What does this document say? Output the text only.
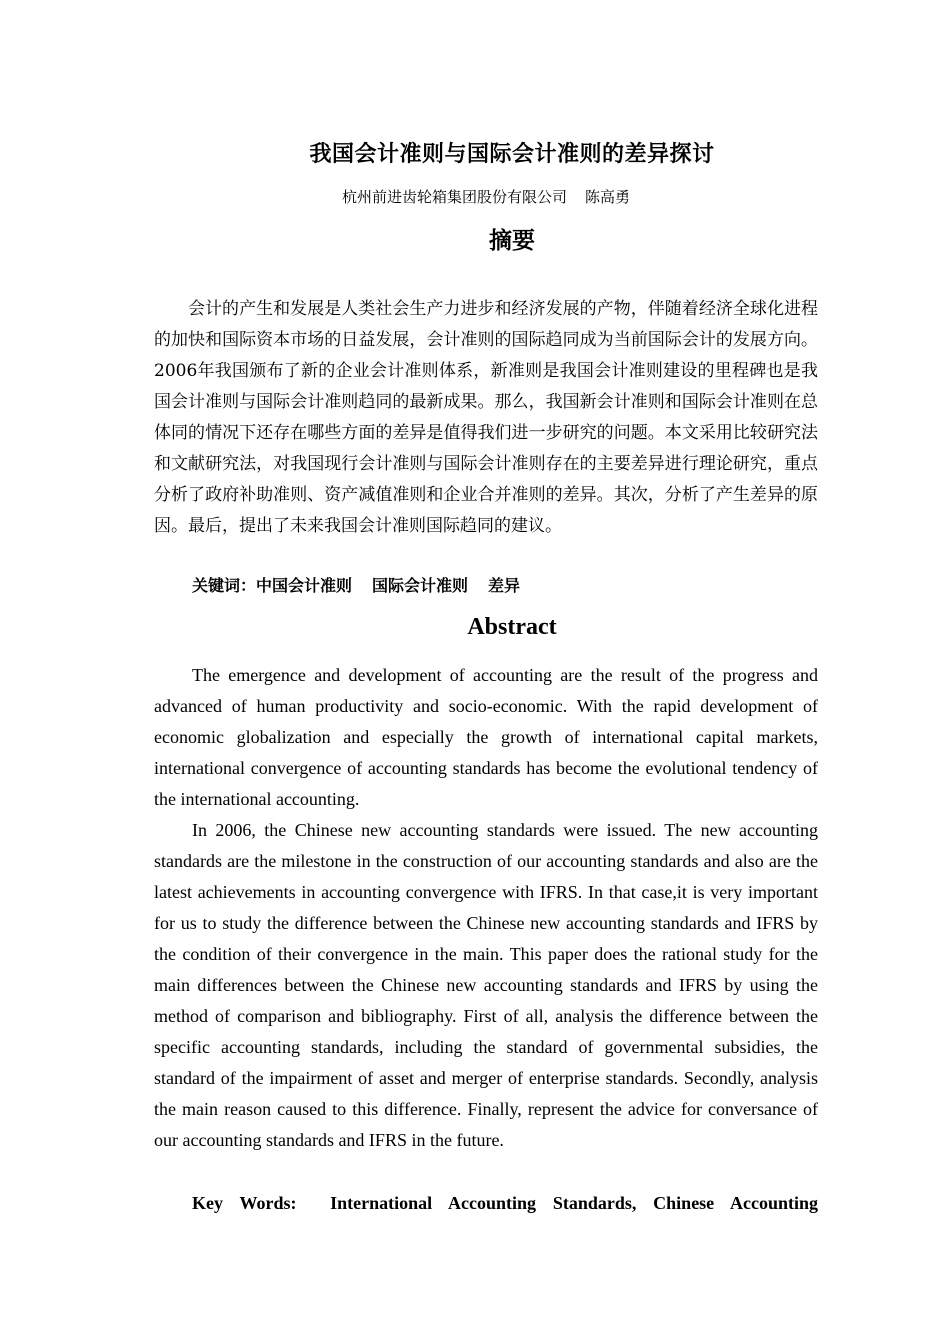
我国会计准则与国际会计准则的差异探讨
杭州前进齿轮箱集团股份有限公司 陈高勇
摘要

会计的产生和发展是人类社会生产力进步和经济发展的产物，伴随着经济全球化进程的加快和国际资本市场的日益发展，会计准则的国际趋同成为当前国际会计的发展方向。2006年我国颁布了新的企业会计准则体系，新准则是我国会计准则建设的里程碑也是我国会计准则与国际会计准则趋同的最新成果。那么，我国新会计准则和国际会计准则在总体同的情况下还存在哪些方面的差异是值得我们进一步研究的问题。本文采用比较研究法和文献研究法，对我国现行会计准则与国际会计准则存在的主要差异进行理论研究，重点分析了政府补助准则、资产减值准则和企业合并准则的差异。其次，分析了产生差异的原因。最后，提出了未来我国会计准则国际趋同的建议。

关键词：中国会计准则 国际会计准则 差异
Abstract

The emergence and development of accounting are the result of the progress and advanced of human productivity and socio-economic. With the rapid development of economic globalization and especially the growth of international capital markets, international convergence of accounting standards has become the evolutional tendency of the international accounting.

In 2006, the Chinese new accounting standards were issued. The new accounting standards are the milestone in the construction of our accounting standards and also are the latest achievements in accounting convergence with IFRS. In that case,it is very important for us to study the difference between the Chinese new accounting standards and IFRS by the condition of their convergence in the main. This paper does the rational study for the main differences between the Chinese new accounting standards and IFRS by using the method of comparison and bibliography. First of all, analysis the difference between the specific accounting standards, including the standard of governmental subsidies, the standard of the impairment of asset and merger of enterprise standards. Secondly, analysis the main reason caused to this difference. Finally, represent the advice for conversance of our accounting standards and IFRS in the future.

Key Words: International Accounting Standards, Chinese Accounting
